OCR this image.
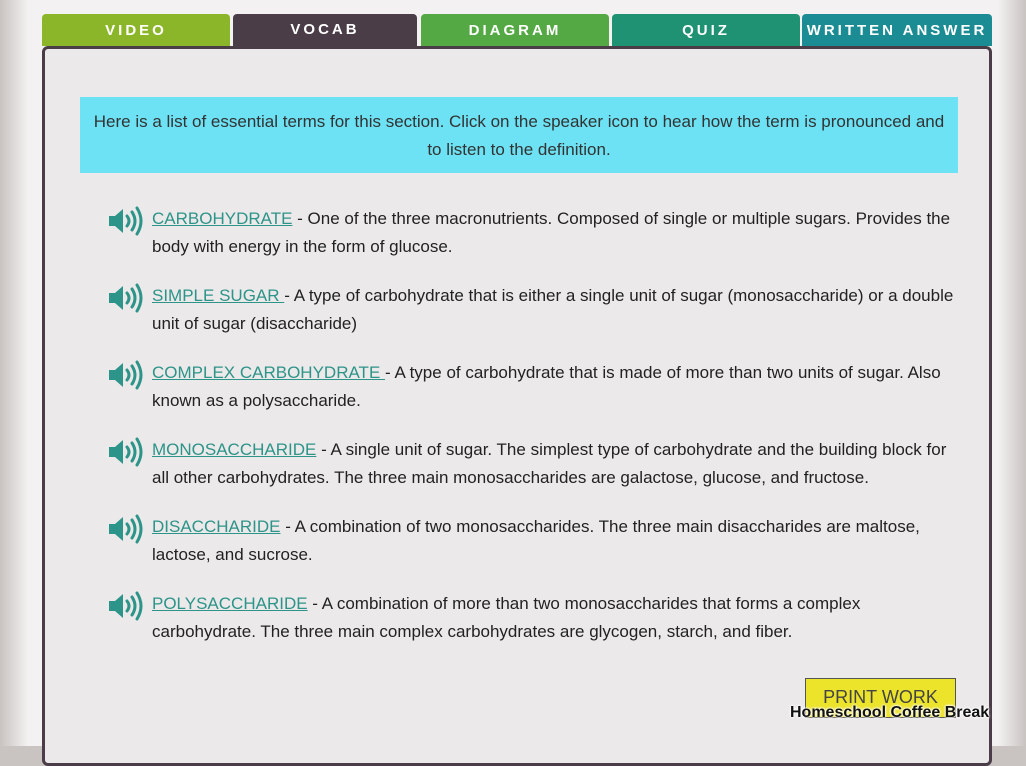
VIDEO	VOCAB	DIAGRAM	QUIZ	WRITTEN ANSWER
Here is a list of essential terms for this section. Click on the speaker icon to hear how the term is pronounced and to listen to the definition.
CARBOHYDRATE - One of the three macronutrients. Composed of single or multiple sugars. Provides the body with energy in the form of glucose.
SIMPLE SUGAR - A type of carbohydrate that is either a single unit of sugar (monosaccharide) or a double unit of sugar (disaccharide)
COMPLEX CARBOHYDRATE - A type of carbohydrate that is made of more than two units of sugar. Also known as a polysaccharide.
MONOSACCHARIDE - A single unit of sugar. The simplest type of carbohydrate and the building block for all other carbohydrates. The three main monosaccharides are galactose, glucose, and fructose.
DISACCHARIDE - A combination of two monosaccharides. The three main disaccharides are maltose, lactose, and sucrose.
POLYSACCHARIDE - A combination of more than two monosaccharides that forms a complex carbohydrate. The three main complex carbohydrates are glycogen, starch, and fiber.
PRINT WORK
Homeschool Coffee Break
